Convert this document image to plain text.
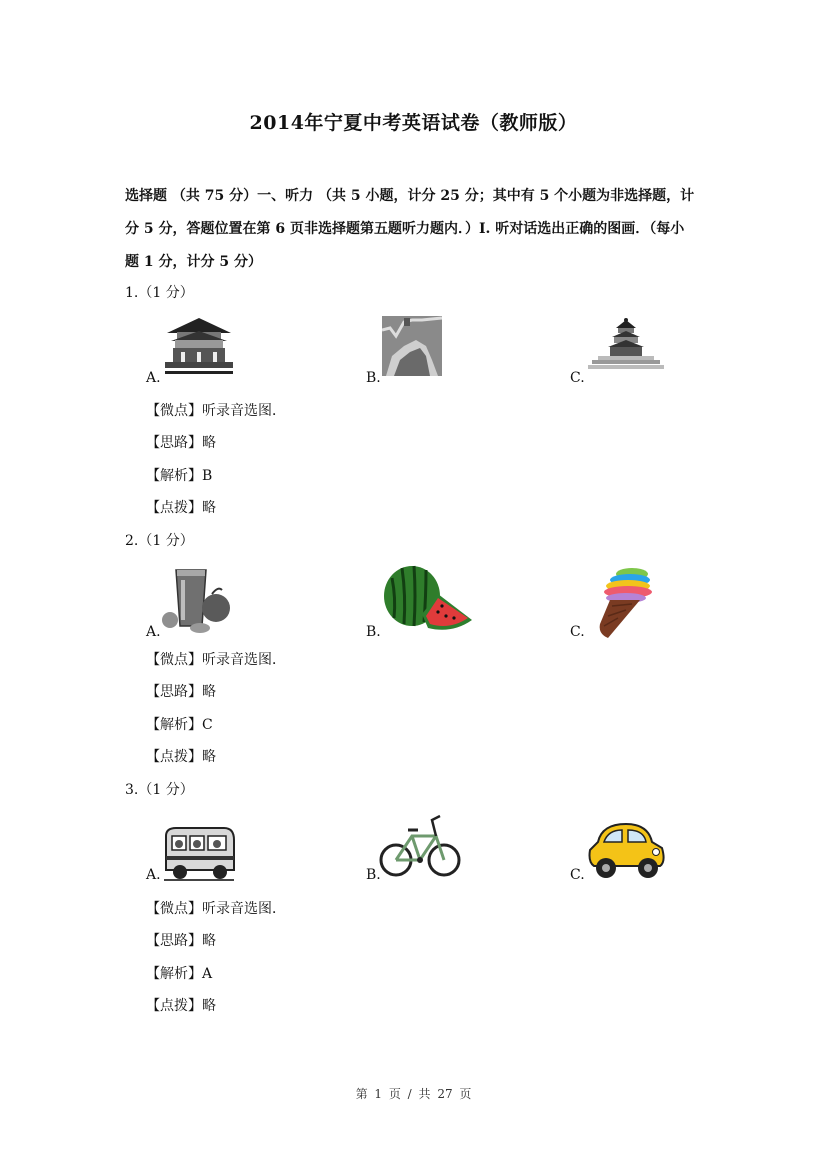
2014年宁夏中考英语试卷（教师版）
选择题 （共 75 分）一、听力 （共 5 小题，计分 25 分；其中有 5 个小题为非选择题，计
分 5 分，答题位置在第 6 页非选择题第五题听力题内．）I. 听对话选出正确的图画．（每小
题 1 分，计分 5 分）
1.（1 分）
A.	B.	C.
【微点】听录音选图．
【思路】略
【解析】B
【点拨】略
2.（1 分）
A.	B.	C.
【微点】听录音选图．
【思路】略
【解析】C
【点拨】略
3.（1 分）
A.	B.	C.
【微点】听录音选图．
【思路】略
【解析】A
【点拨】略
第 1 页 / 共 27 页
